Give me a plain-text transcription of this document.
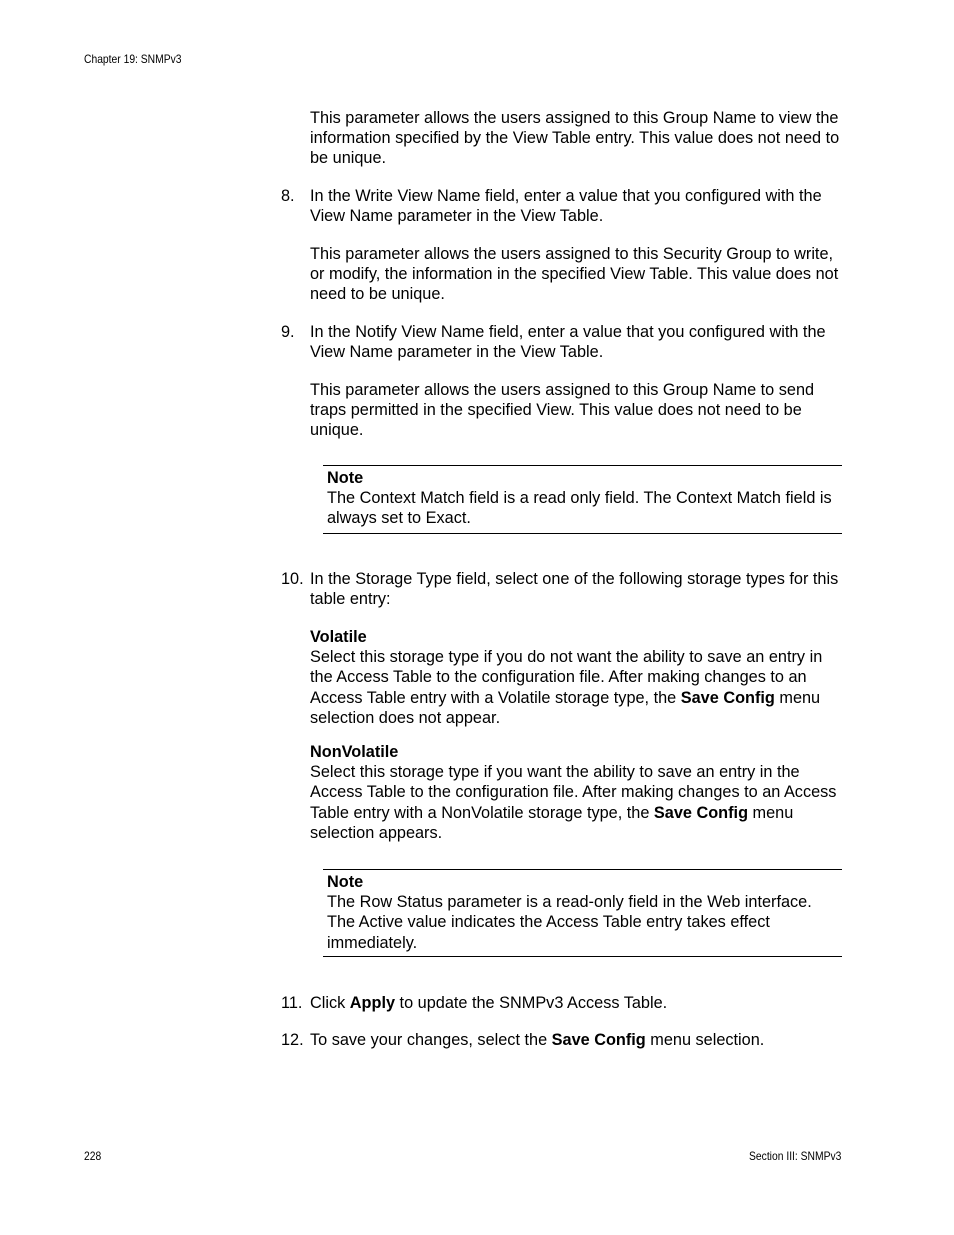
Chapter 19: SNMPv3

This parameter allows the users assigned to this Group Name to view the information specified by the View Table entry. This value does not need to be unique.

8. In the Write View Name field, enter a value that you configured with the View Name parameter in the View Table.

This parameter allows the users assigned to this Security Group to write, or modify, the information in the specified View Table. This value does not need to be unique.

9. In the Notify View Name field, enter a value that you configured with the View Name parameter in the View Table.

This parameter allows the users assigned to this Group Name to send traps permitted in the specified View. This value does not need to be unique.

Note
The Context Match field is a read only field. The Context Match field is always set to Exact.
10. In the Storage Type field, select one of the following storage types for this table entry:
Volatile
Select this storage type if you do not want the ability to save an entry in the Access Table to the configuration file. After making changes to an Access Table entry with a Volatile storage type, the Save Config menu selection does not appear.
NonVolatile
Select this storage type if you want the ability to save an entry in the Access Table to the configuration file. After making changes to an Access Table entry with a NonVolatile storage type, the Save Config menu selection appears.
Note
The Row Status parameter is a read-only field in the Web interface. The Active value indicates the Access Table entry takes effect immediately.
11. Click Apply to update the SNMPv3 Access Table.
12. To save your changes, select the Save Config menu selection.
228	Section III: SNMPv3
